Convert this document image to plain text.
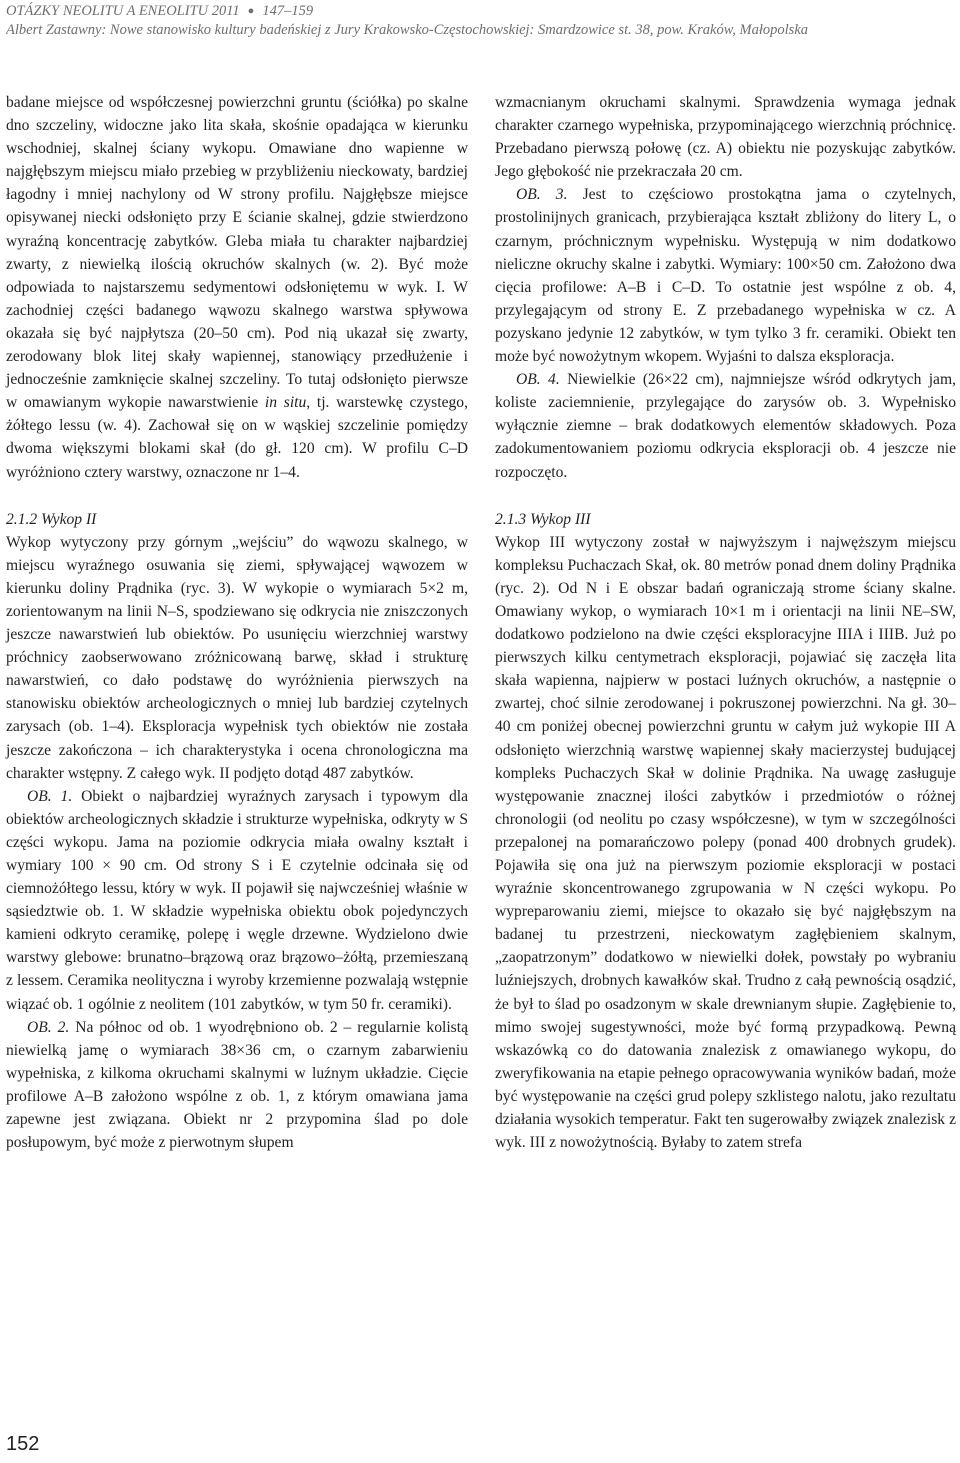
OTÁZKY NEOLITU A ENEOLITU 2011 ● 147–159
Albert Zastawny: Nowe stanowisko kultury badeńskiej z Jury Krakowsko-Częstochowskiej: Smardzowice st. 38, pow. Kraków, Małopolska

badane miejsce od współczesnej powierzchni gruntu (ściółka) po skalne dno szczeliny, widoczne jako lita skała, skośnie opadająca w kierunku wschodniej, skalnej ściany wykopu. Omawiane dno wapienne w najgłębszym miejscu miało przebieg w przybliżeniu nieckowaty, bardziej łagodny i mniej nachylony od W strony profilu. Najgłębsze miejsce opisywanej niecki odsłonięto przy E ścianie skalnej, gdzie stwierdzono wyraźną koncentrację zabytków. Gleba miała tu charakter najbardziej zwarty, z niewielką ilością okruchów skalnych (w. 2). Być może odpowiada to najstarszemu sedymentowi odsłoniętemu w wyk. I. W zachodniej części badanego wąwozu skalnego warstwa spływowa okazała się być najpłytsza (20–50 cm). Pod nią ukazał się zwarty, zerodowany blok litej skały wapiennej, stanowiący przedłużenie i jednocześnie zamknięcie skalnej szczeliny. To tutaj odsłonięto pierwsze w omawianym wykopie nawarstwienie in situ, tj. warstewkę czystego, żółtego lessu (w. 4). Zachował się on w wąskiej szczelinie pomiędzy dwoma większymi blokami skał (do gł. 120 cm). W profilu C–D wyróżniono cztery warstwy, oznaczone nr 1–4.

2.1.2 Wykop II

Wykop wytyczony przy górnym „wejściu” do wąwozu skalnego, w miejscu wyraźnego osuwania się ziemi, spływającej wąwozem w kierunku doliny Prądnika (ryc. 3). W wykopie o wymiarach 5×2 m, zorientowanym na linii N–S, spodziewano się odkrycia nie zniszczonych jeszcze nawarstwień lub obiektów. Po usunięciu wierzchniej warstwy próchnicy zaobserwowano zróżnicowaną barwę, skład i strukturę nawarstwień, co dało podstawę do wyróżnienia pierwszych na stanowisku obiektów archeologicznych o mniej lub bardziej czytelnych zarysach (ob. 1–4). Eksploracja wypełnisk tych obiektów nie została jeszcze zakończona – ich charakterystyka i ocena chronologiczna ma charakter wstępny. Z całego wyk. II podjęto dotąd 487 zabytków.

OB. 1. Obiekt o najbardziej wyraźnych zarysach i typowym dla obiektów archeologicznych składzie i strukturze wypełniska, odkryty w S części wykopu. Jama na poziomie odkrycia miała owalny kształt i wymiary 100 × 90 cm. Od strony S i E czytelnie odcinała się od ciemnożółtego lessu, który w wyk. II pojawił się najwcześniej właśnie w sąsiedztwie ob. 1. W składzie wypełniska obiektu obok pojedynczych kamieni odkryto ceramikę, polepę i węgle drzewne. Wydzielono dwie warstwy glebowe: brunatno–brązową oraz brązowo–żółtą, przemieszaną z lessem. Ceramika neolityczna i wyroby krzemienne pozwalają wstępnie wiązać ob. 1 ogólnie z neolitem (101 zabytków, w tym 50 fr. ceramiki).

OB. 2. Na północ od ob. 1 wyodrębniono ob. 2 – regularnie kolistą niewielką jamę o wymiarach 38×36 cm, o czarnym zabarwieniu wypełniska, z kilkoma okruchami skalnymi w luźnym układzie. Cięcie profilowe A–B założono wspólne z ob. 1, z którym omawiana jama zapewne jest związana. Obiekt nr 2 przypomina ślad po dole posłupowym, być może z pierwotnym słupem

wzmacnianym okruchami skalnymi. Sprawdzenia wymaga jednak charakter czarnego wypełniska, przypominającego wierzchnią próchnicę. Przebadano pierwszą połowę (cz. A) obiektu nie pozyskując zabytków. Jego głębokość nie przekraczała 20 cm.

OB. 3. Jest to częściowo prostokątna jama o czytelnych, prostolinijnych granicach, przybierająca kształt zbliżony do litery L, o czarnym, próchnicznym wypełnisku. Występują w nim dodatkowo nieliczne okruchy skalne i zabytki. Wymiary: 100×50 cm. Założono dwa cięcia profilowe: A–B i C–D. To ostatnie jest wspólne z ob. 4, przylegającym od strony E. Z przebadanego wypełniska w cz. A pozyskano jedynie 12 zabytków, w tym tylko 3 fr. ceramiki. Obiekt ten może być nowożytnym wkopem. Wyjaśni to dalsza eksploracja.

OB. 4. Niewielkie (26×22 cm), najmniejsze wśród odkrytych jam, koliste zaciemnienie, przylegające do zarysów ob. 3. Wypełnisko wyłącznie ziemne – brak dodatkowych elementów składowych. Poza zadokumentowaniem poziomu odkrycia eksploracji ob. 4 jeszcze nie rozpoczęto.

2.1.3 Wykop III

Wykop III wytyczony został w najwyższym i najwęższym miejscu kompleksu Puchaczach Skał, ok. 80 metrów ponad dnem doliny Prądnika (ryc. 2). Od N i E obszar badań ograniczają strome ściany skalne. Omawiany wykop, o wymiarach 10×1 m i orientacji na linii NE–SW, dodatkowo podzielono na dwie części eksploracyjne IIIA i IIIB. Już po pierwszych kilku centymetrach eksploracji, pojawiać się zaczęła lita skała wapienna, najpierw w postaci luźnych okruchów, a następnie o zwartej, choć silnie zerodowanej i pokruszonej powierzchni. Na gł. 30–40 cm poniżej obecnej powierzchni gruntu w całym już wykopie III A odsłonięto wierzchnią warstwę wapiennej skały macierzystej budującej kompleks Puchaczych Skał w dolinie Prądnika. Na uwagę zasługuje występowanie znacznej ilości zabytków i przedmiotów o różnej chronologii (od neolitu po czasy współczesne), w tym w szczególności przepalonej na pomarańczowo polepy (ponad 400 drobnych grudek). Pojawiła się ona już na pierwszym poziomie eksploracji w postaci wyraźnie skoncentrowanego zgrupowania w N części wykopu. Po wypreparowaniu ziemi, miejsce to okazało się być najgłębszym na badanej tu przestrzeni, nieckowatym zagłębieniem skalnym, „zaopatrzonym” dodatkowo w niewielki dołek, powstały po wybraniu luźniejszych, drobnych kawałków skał. Trudno z całą pewnością osądzić, że był to ślad po osadzonym w skale drewnianym słupie. Zagłębienie to, mimo swojej sugestywności, może być formą przypadkową. Pewną wskazówką co do datowania znalezisk z omawianego wykopu, do zweryfikowania na etapie pełnego opracowywania wyników badań, może być występowanie na części grud polepy szklistego nalotu, jako rezultatu działania wysokich temperatur. Fakt ten sugerowałby związek znalezisk z wyk. III z nowożytnością. Byłaby to zatem strefa

152
